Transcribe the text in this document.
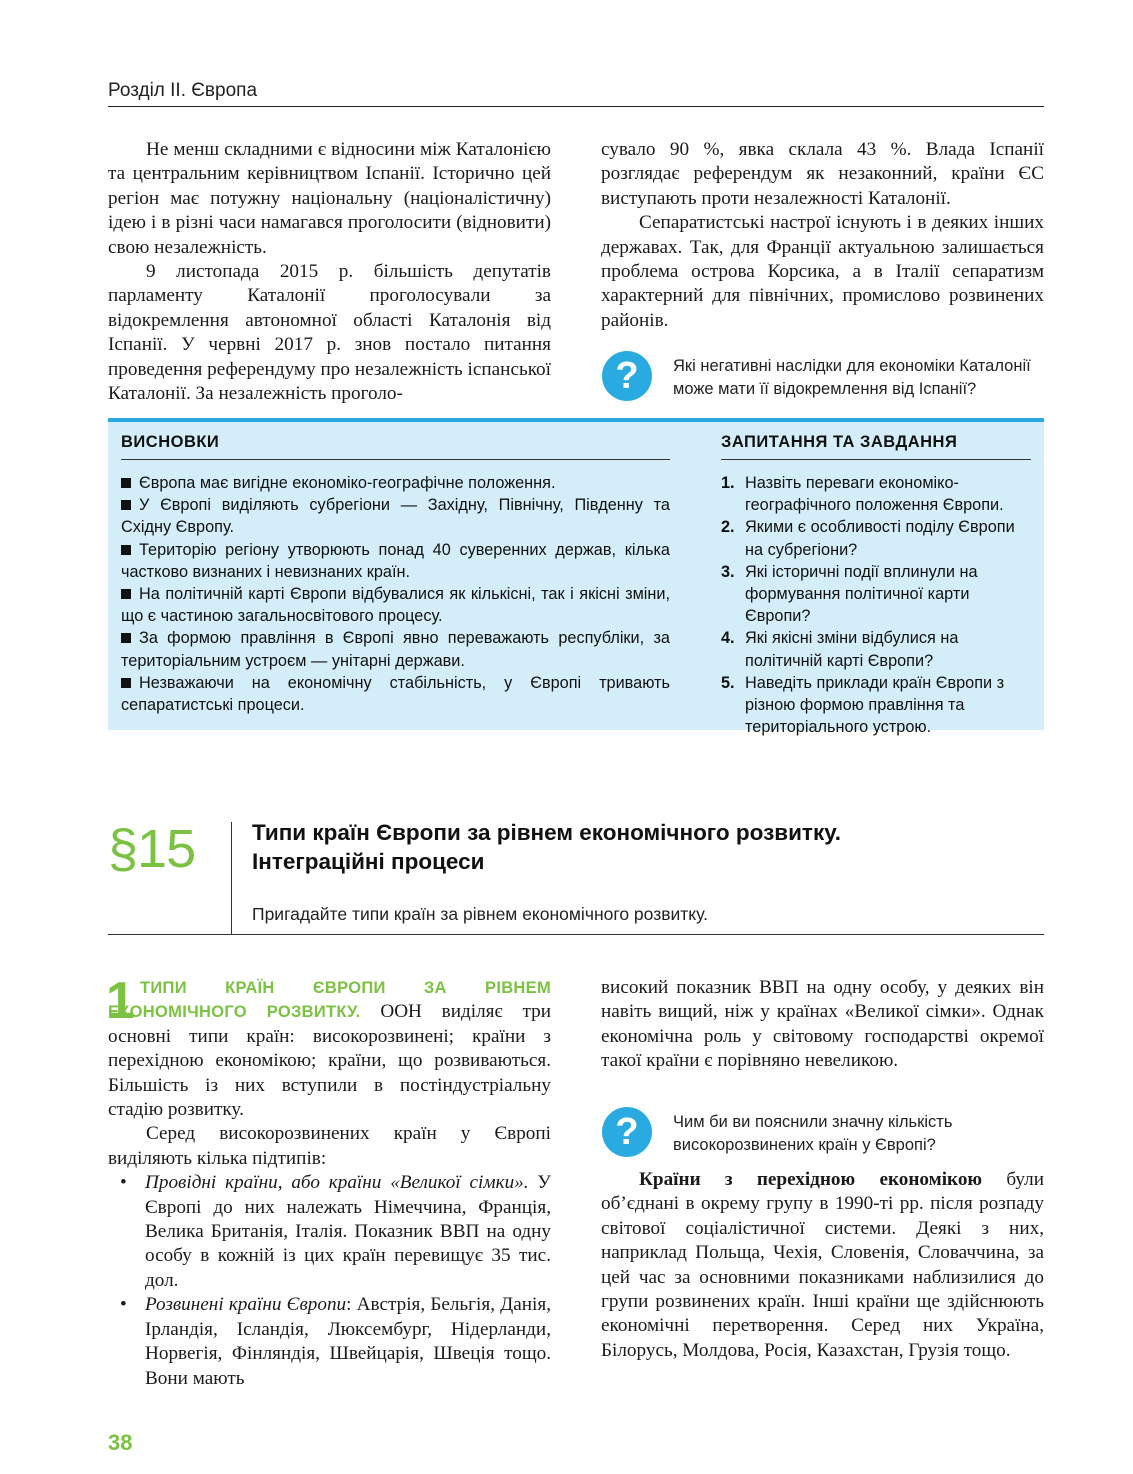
Розділ ІІ. Європа

Не менш складними є відносини між Каталонією та центральним керівництвом Іспанії. Історично цей регіон має потужну національну (націоналістичну) ідею і в різні часи намагався проголосити (відновити) свою незалежність.

9 листопада 2015 р. більшість депутатів парламенту Каталонії проголосували за відокремлення автономної області Каталонія від Іспанії. У червні 2017 р. знов постало питання проведення референдуму про незалежність іспанської Каталонії. За незалежність проголо-

сувало 90 %, явка склала 43 %. Влада Іспанії розглядає референдум як незаконний, країни ЄС виступають проти незалежності Каталонії.

Сепаратистські настрої існують і в деяких інших державах. Так, для Франції актуальною залишається проблема острова Корсика, а в Італії сепаратизм характерний для північних, промислово розвинених районів.

?	Які негативні наслідки для економіки Каталонії може мати її відокремлення від Іспанії?
ВИСНОВКИ
Європа має вигідне економіко-географічне положення.
У Європі виділяють субрегіони — Західну, Північну, Південну та Східну Європу.
Територію регіону утворюють понад 40 суверенних держав, кілька частково визнаних і невизнаних країн.
На політичній карті Європи відбувалися як кількісні, так і якісні зміни, що є частиною загальносвітового процесу.
За формою правління в Європі явно переважають республіки, за територіальним устроєм — унітарні держави.
Незважаючи на економічну стабільність, у Європі тривають сепаратистські процеси.
ЗАПИТАННЯ ТА ЗАВДАННЯ
1. Назвіть переваги економіко-географічного положення Європи.
2. Якими є особливості поділу Європи на субрегіони?
3. Які історичні події вплинули на формування політичної карти Європи?
4. Які якісні зміни відбулися на політичній карті Європи?
5. Наведіть приклади країн Європи з різною формою правління та територіального устрою.
§15	Типи країн Європи за рівнем економічного розвитку.
Інтеграційні процеси
Пригадайте типи країн за рівнем економічного розвитку.
1 ТИПИ КРАЇН ЄВРОПИ ЗА РІВНЕМ ЕКОНОМІЧНОГО РОЗВИТКУ. ООН виділяє три основні типи країн: високорозвинені; країни з перехідною економікою; країни, що розвиваються. Більшість із них вступили в постіндустріальну стадію розвитку.

Серед високорозвинених країн у Європі виділяють кілька підтипів:

• Провідні країни, або країни «Великої сімки». У Європі до них належать Німеччина, Франція, Велика Британія, Італія. Показник ВВП на одну особу в кожній із цих країн перевищує 35 тис. дол.
• Розвинені країни Європи: Австрія, Бельгія, Данія, Ірландія, Ісландія, Люксембург, Нідерланди, Норвегія, Фінляндія, Швейцарія, Швеція тощо. Вони мають

високий показник ВВП на одну особу, у деяких він навіть вищий, ніж у країнах «Великої сімки». Однак економічна роль у світовому господарстві окремої такої країни є порівняно невеликою.

?	Чим би ви пояснили значну кількість високорозвинених країн у Європі?

Країни з перехідною економікою були об’єднані в окрему групу в 1990-ті рр. після розпаду світової соціалістичної системи. Деякі з них, наприклад Польща, Чехія, Словенія, Словаччина, за цей час за основними показниками наблизилися до групи розвинених країн. Інші країни ще здійснюють економічні перетворення. Серед них Україна, Білорусь, Молдова, Росія, Казахстан, Грузія тощо.

38
